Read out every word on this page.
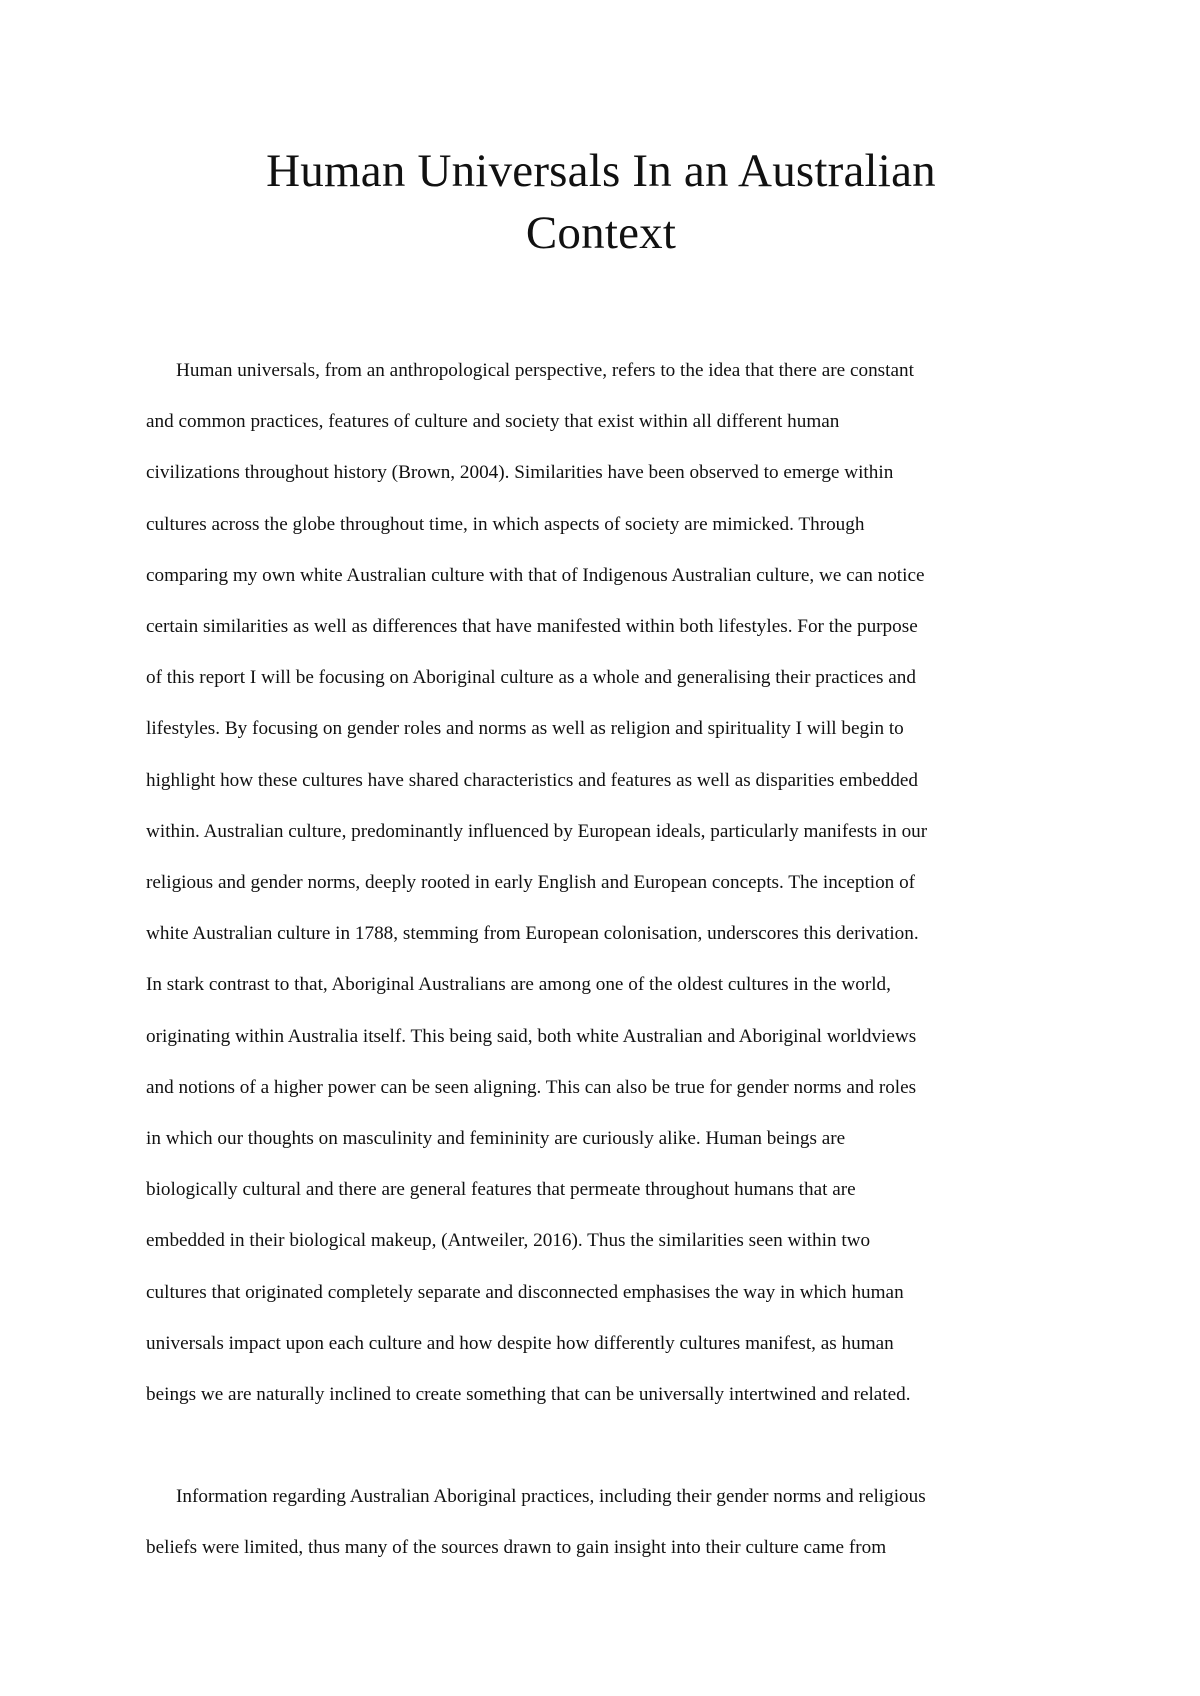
Human Universals In an Australian
Context
Human universals, from an anthropological perspective, refers to the idea that there are constant
and common practices, features of culture and society that exist within all different human
civilizations throughout history (Brown, 2004). Similarities have been observed to emerge within
cultures across the globe throughout time, in which aspects of society are mimicked. Through
comparing my own white Australian culture with that of Indigenous Australian culture, we can notice
certain similarities as well as differences that have manifested within both lifestyles. For the purpose
of this report I will be focusing on Aboriginal culture as a whole and generalising their practices and
lifestyles. By focusing on gender roles and norms as well as religion and spirituality I will begin to
highlight how these cultures have shared characteristics and features as well as disparities embedded
within. Australian culture, predominantly influenced by European ideals, particularly manifests in our
religious and gender norms, deeply rooted in early English and European concepts. The inception of
white Australian culture in 1788, stemming from European colonisation, underscores this derivation.
In stark contrast to that, Aboriginal Australians are among one of the oldest cultures in the world,
originating within Australia itself. This being said, both white Australian and Aboriginal worldviews
and notions of a higher power can be seen aligning. This can also be true for gender norms and roles
in which our thoughts on masculinity and femininity are curiously alike. Human beings are
biologically cultural and there are general features that permeate throughout humans that are
embedded in their biological makeup, (Antweiler, 2016). Thus the similarities seen within two
cultures that originated completely separate and disconnected emphasises the way in which human
universals impact upon each culture and how despite how differently cultures manifest, as human
beings we are naturally inclined to create something that can be universally intertwined and related.
Information regarding Australian Aboriginal practices, including their gender norms and religious
beliefs were limited, thus many of the sources drawn to gain insight into their culture came from
